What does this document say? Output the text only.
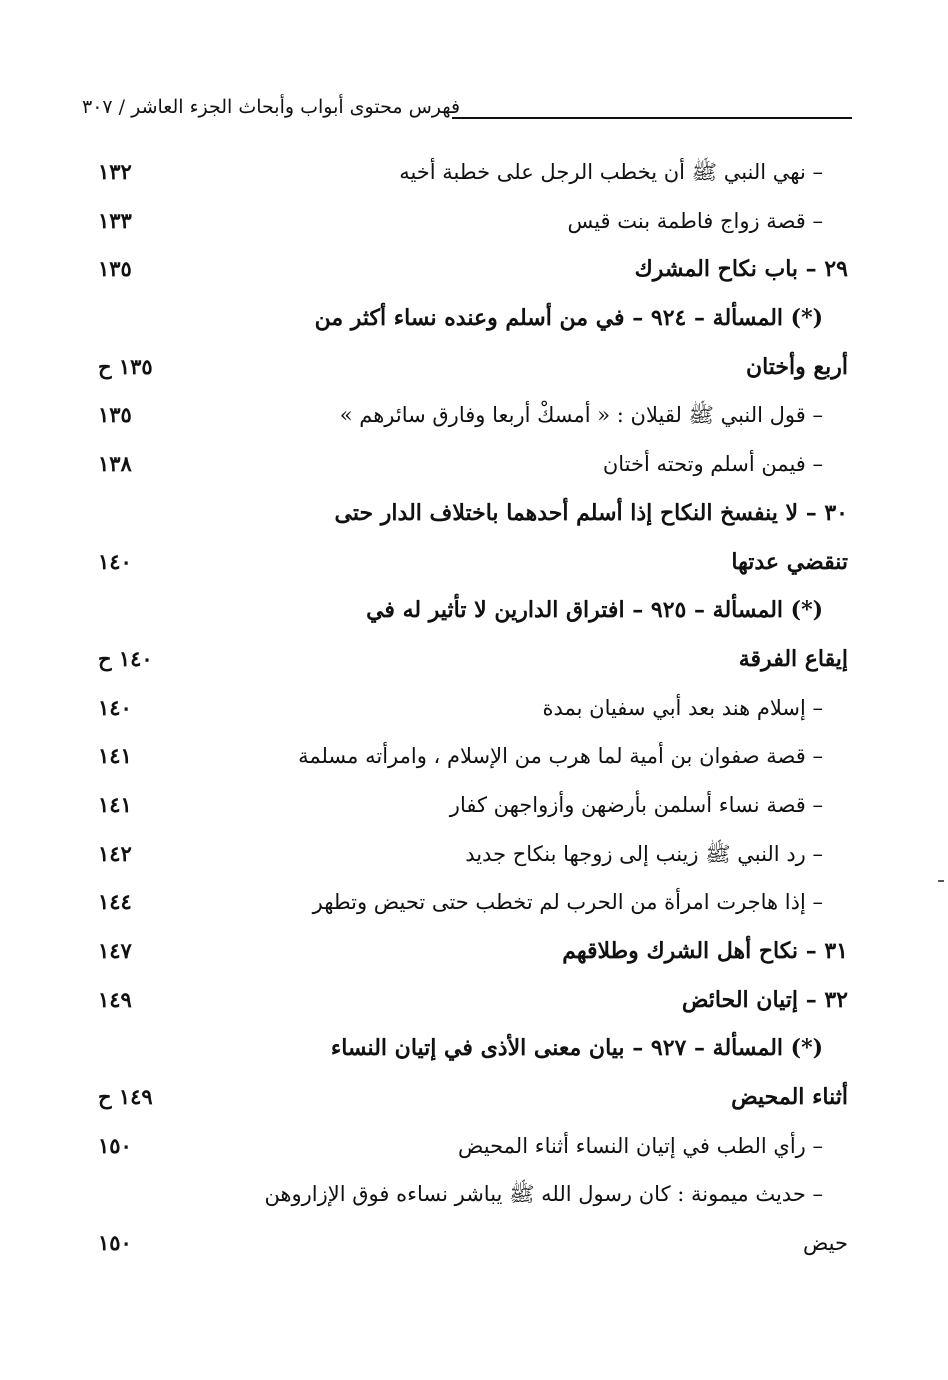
فهرس محتوى أبواب وأبحاث الجزء العاشر / ٣٠٧
– نهي النبي ﷺ أن يخطب الرجل على خطبة أخيه
١٣٢
– قصة زواج فاطمة بنت قيس
١٣٣
٢٩ – باب نكاح المشرك
١٣٥
(*) المسألة – ٩٢٤ – في من أسلم وعنده نساء أكثر من
أربع وأختان
١٣٥ ح
– قول النبي ﷺ لقيلان : « أمسكْ أربعا وفارق سائرهم »
١٣٥
– فيمن أسلم وتحته أختان
١٣٨
٣٠ – لا ينفسخ النكاح إذا أسلم أحدهما باختلاف الدار حتى
تنقضي عدتها
١٤٠
(*) المسألة – ٩٢٥ – افتراق الدارين لا تأثير له في
إيقاع الفرقة
١٤٠ ح
– إسلام هند بعد أبي سفيان بمدة
١٤٠
– قصة صفوان بن أمية لما هرب من الإسلام ، وامرأته مسلمة
١٤١
– قصة نساء أسلمن بأرضهن وأزواجهن كفار
١٤١
– رد النبي ﷺ زينب إلى زوجها بنكاح جديد
١٤٢
– إذا هاجرت امرأة من الحرب لم تخطب حتى تحيض وتطهر
١٤٤
٣١ – نكاح أهل الشرك وطلاقهم
١٤٧
٣٢ – إتيان الحائض
١٤٩
(*) المسألة – ٩٢٧ – بيان معنى الأذى في إتيان النساء
أثناء المحيض
١٤٩ ح
– رأي الطب في إتيان النساء أثناء المحيض
١٥٠
– حديث ميمونة : كان رسول الله ﷺ يباشر نساءه فوق الإزاروهن
حيض
١٥٠
